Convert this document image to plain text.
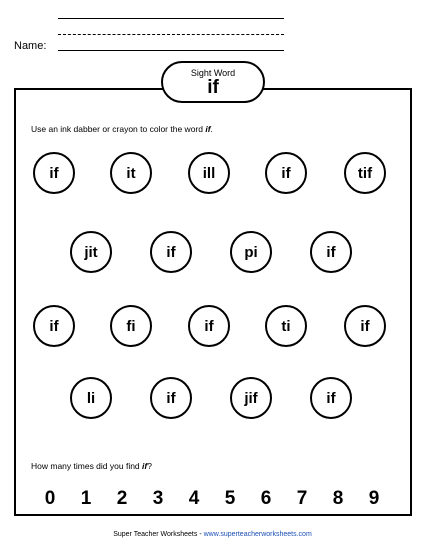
Name:
Sight Word
if
Use an ink dabber or crayon to color the word if.
if	it	ill	if	tif
jit	if	pi	if
if	fi	if	ti	if
li	if	jif	if
How many times did you find if?
0 1 2 3 4 5 6 7 8 9
Super Teacher Worksheets - www.superteacherworksheets.com
